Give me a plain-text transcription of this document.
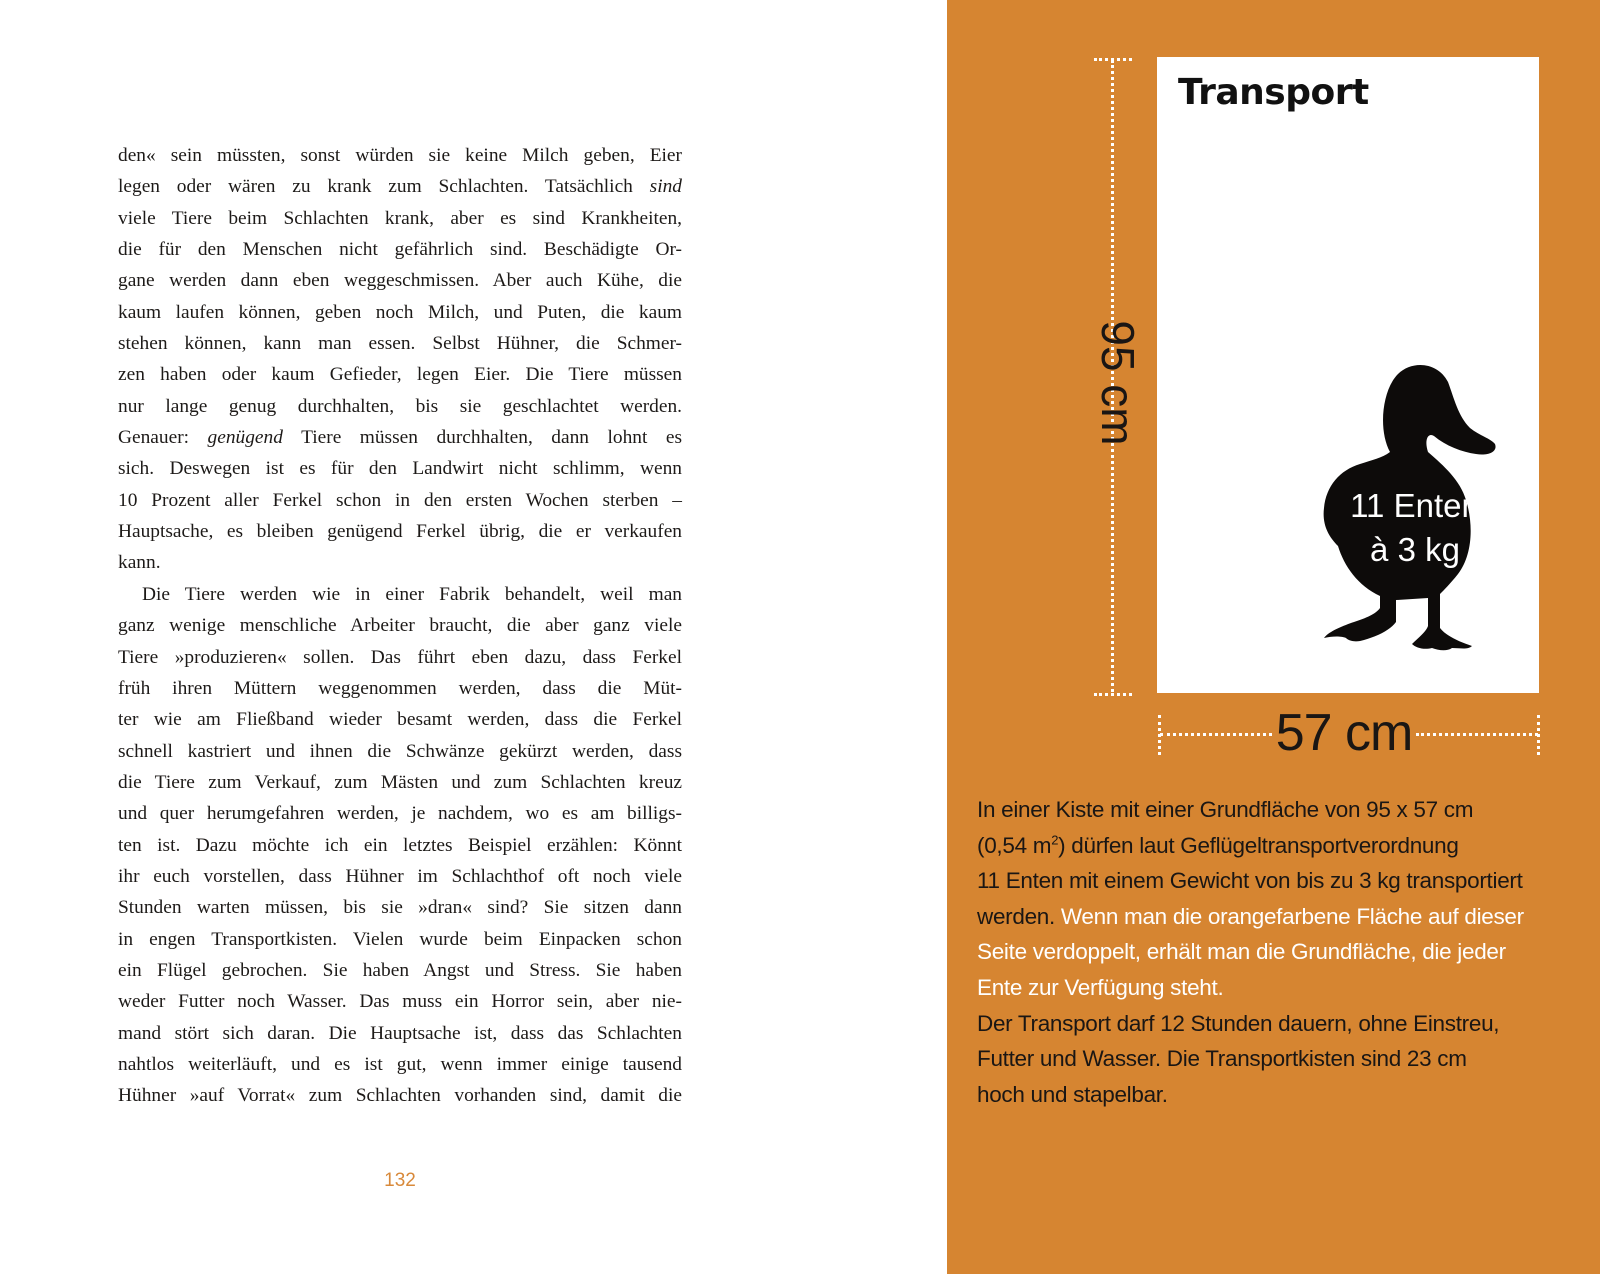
den« sein müssten, sonst würden sie keine Milch geben, Eier
legen oder wären zu krank zum Schlachten. Tatsächlich sind
viele Tiere beim Schlachten krank, aber es sind Krankheiten,
die für den Menschen nicht gefährlich sind. Beschädigte Or-
gane werden dann eben weggeschmissen. Aber auch Kühe, die
kaum laufen können, geben noch Milch, und Puten, die kaum
stehen können, kann man essen. Selbst Hühner, die Schmer-
zen haben oder kaum Gefieder, legen Eier. Die Tiere müssen
nur lange genug durchhalten, bis sie geschlachtet werden.
Genauer: genügend Tiere müssen durchhalten, dann lohnt es
sich. Deswegen ist es für den Landwirt nicht schlimm, wenn
10 Prozent aller Ferkel schon in den ersten Wochen sterben –
Hauptsache, es bleiben genügend Ferkel übrig, die er verkaufen
kann.
Die Tiere werden wie in einer Fabrik behandelt, weil man
ganz wenige menschliche Arbeiter braucht, die aber ganz viele
Tiere »produzieren« sollen. Das führt eben dazu, dass Ferkel
früh ihren Müttern weggenommen werden, dass die Müt-
ter wie am Fließband wieder besamt werden, dass die Ferkel
schnell kastriert und ihnen die Schwänze gekürzt werden, dass
die Tiere zum Verkauf, zum Mästen und zum Schlachten kreuz
und quer herumgefahren werden, je nachdem, wo es am billigs-
ten ist. Dazu möchte ich ein letztes Beispiel erzählen: Könnt
ihr euch vorstellen, dass Hühner im Schlachthof oft noch viele
Stunden warten müssen, bis sie »dran« sind? Sie sitzen dann
in engen Transportkisten. Vielen wurde beim Einpacken schon
ein Flügel gebrochen. Sie haben Angst und Stress. Sie haben
weder Futter noch Wasser. Das muss ein Horror sein, aber nie-
mand stört sich daran. Die Hauptsache ist, dass das Schlachten
nahtlos weiterläuft, und es ist gut, wenn immer einige tausend
Hühner »auf Vorrat« zum Schlachten vorhanden sind, damit die
132
Transport
95 cm
57 cm
11 Enten
à 3 kg
In einer Kiste mit einer Grundfläche von 95 x 57 cm
(0,54 $m^2$) dürfen laut Geflügeltransportverordnung
11 Enten mit einem Gewicht von bis zu 3 kg transportiert
werden. Wenn man die orangefarbene Fläche auf dieser
Seite verdoppelt, erhält man die Grundfläche, die jeder
Ente zur Verfügung steht.
Der Transport darf 12 Stunden dauern, ohne Einstreu,
Futter und Wasser. Die Transportkisten sind 23 cm
hoch und stapelbar.
